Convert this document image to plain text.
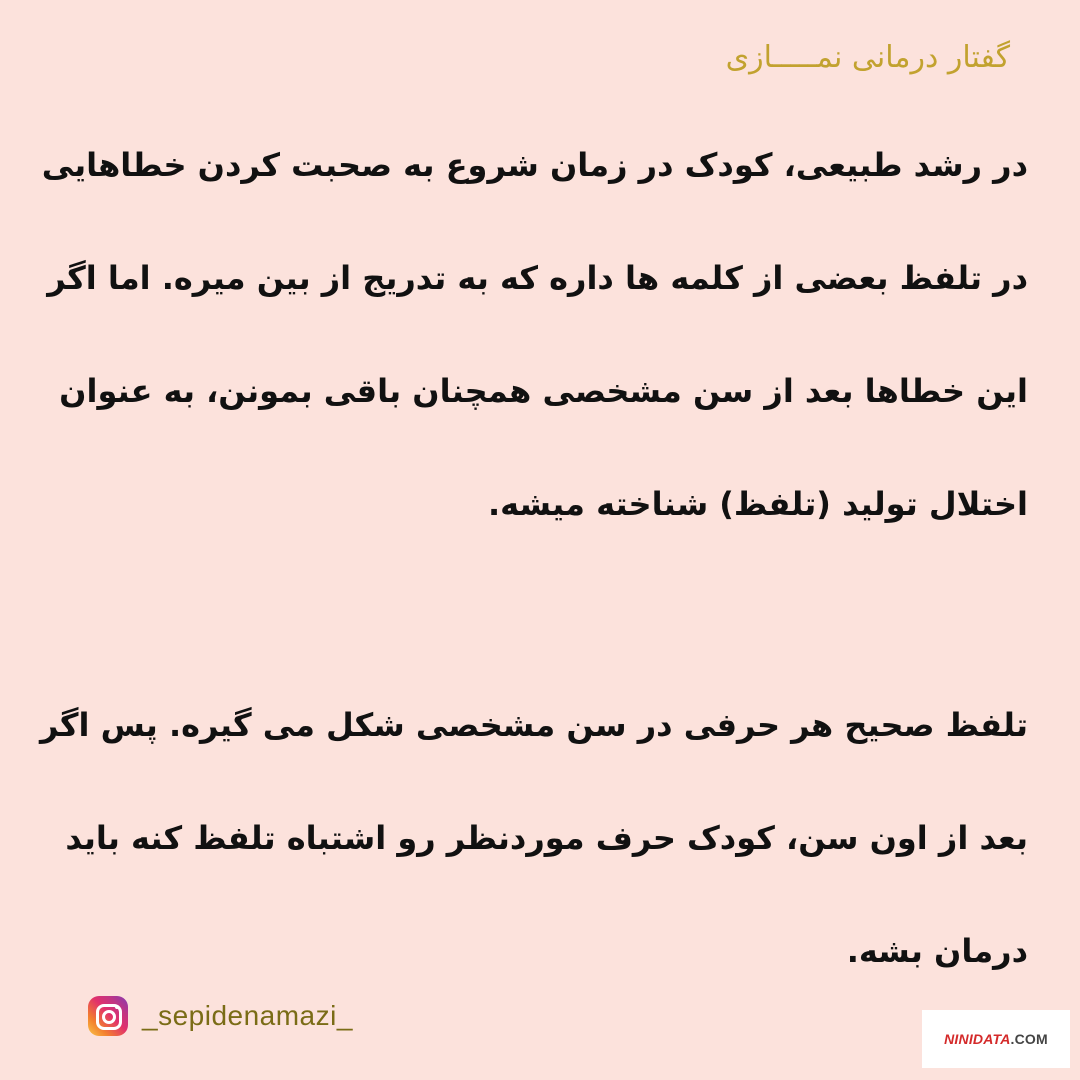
گفتار درمانی نمـــــازی
در رشد طبیعی، کودک در زمان شروع به صحبت کردن خطاهایی
در تلفظ بعضی از کلمه ها داره که به تدریج از بین میره. اما اگر
این خطاها بعد از سن مشخصی همچنان باقی بمونن، به عنوان
اختلال تولید (تلفظ) شناخته میشه.
تلفظ صحیح هر حرفی در سن مشخصی شکل می گیره. پس اگر
بعد از اون سن، کودک حرف موردنظر رو اشتباه تلفظ کنه باید
درمان بشه.
_sepidenamazi_
NINIDATA .COM
